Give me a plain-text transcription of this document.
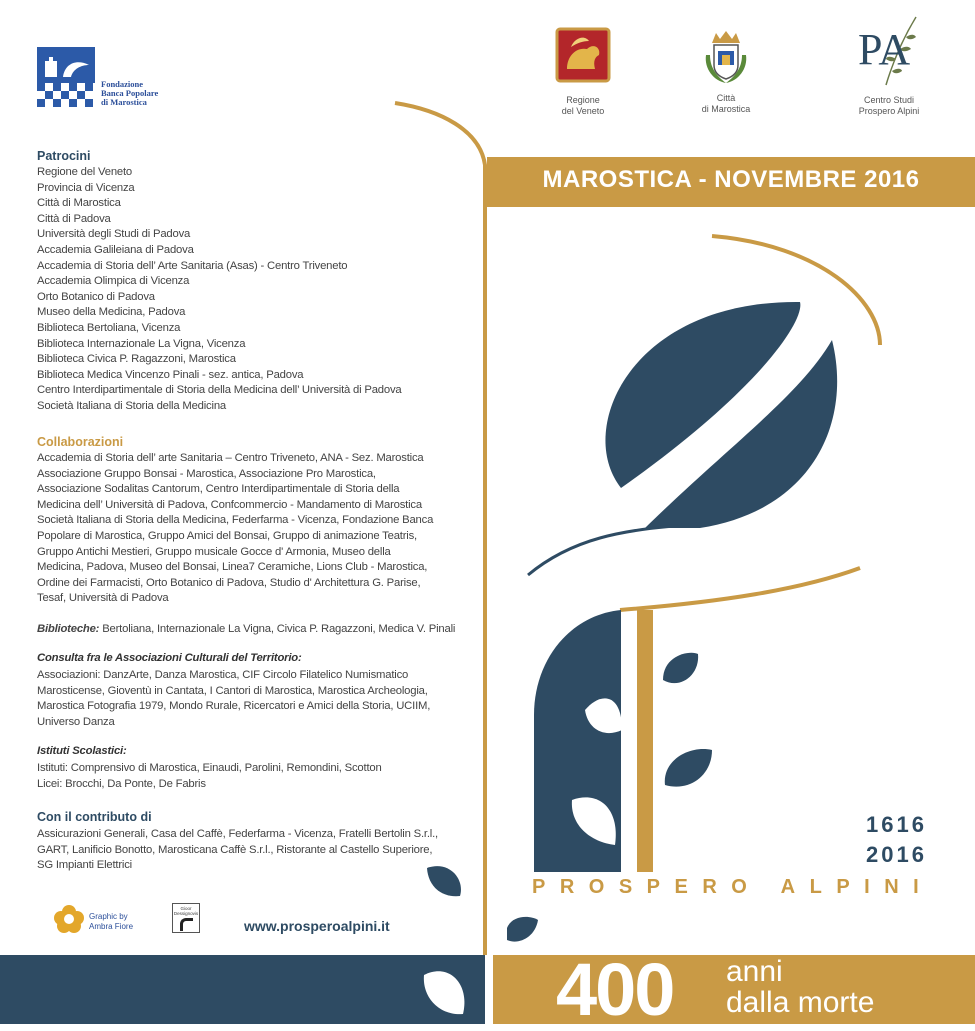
Fondazione
Banca Popolare
di Marostica
Patrocini
Regione del Veneto
Provincia di Vicenza
Città di Marostica
Città di Padova
Università degli Studi di Padova
Accademia Galileiana di Padova
Accademia di Storia dell’ Arte Sanitaria (Asas) - Centro Triveneto
Accademia Olimpica di Vicenza
Orto Botanico di Padova
Museo della Medicina, Padova
Biblioteca Bertoliana, Vicenza
Biblioteca Internazionale La Vigna, Vicenza
Biblioteca Civica P. Ragazzoni, Marostica
Biblioteca Medica Vincenzo Pinali - sez. antica, Padova
Centro Interdipartimentale di Storia della Medicina dell’ Università di Padova
Società Italiana di Storia della Medicina
Collaborazioni
Accademia di Storia dell’ arte Sanitaria – Centro Triveneto, ANA - Sez. Marostica
Associazione Gruppo Bonsai - Marostica, Associazione Pro Marostica,
Associazione Sodalitas Cantorum, Centro Interdipartimentale di Storia della
Medicina dell’ Università di Padova, Confcommercio - Mandamento di Marostica
Società Italiana di Storia della Medicina, Federfarma - Vicenza, Fondazione Banca
Popolare di Marostica, Gruppo Amici del Bonsai, Gruppo di animazione Teatris,
Gruppo Antichi Mestieri, Gruppo musicale Gocce d' Armonia, Museo della
Medicina, Padova, Museo del Bonsai, Linea7 Ceramiche, Lions Club - Marostica,
Ordine dei Farmacisti, Orto Botanico di Padova, Studio d' Architettura G. Parise,
Tesaf, Università di Padova
Biblioteche: Bertoliana, Internazionale La Vigna, Civica P. Ragazzoni, Medica V. Pinali
Consulta fra le Associazioni Culturali del Territorio:
Associazioni: DanzArte, Danza Marostica, CIF Circolo Filatelico Numismatico
Marosticense, Gioventù in Cantata, I Cantori di Marostica, Marostica Archeologia,
Marostica Fotografia 1979, Mondo Rurale, Ricercatori e Amici della Storia, UCIIM,
Universo Danza
Istituti Scolastici:
Istituti: Comprensivo di Marostica, Einaudi, Parolini, Remondini, Scotton
Licei: Brocchi, Da Ponte, De Fabris
Con il contributo di
Assicurazioni Generali, Casa del Caffè, Federfarma - Vicenza, Fratelli Bertolin S.r.l.,
GART, Lanificio Bonotto, Marosticana Caffè S.r.l., Ristorante al Castello Superiore,
SG Impianti Elettrici
Graphic by
Ambra Fiore
Gioor
Dessignovis
www.prosperoalpini.it
Regione
del Veneto
Città
di Marostica
PA
Centro Studi
Prospero Alpini
MAROSTICA - NOVEMBRE 2016
1616
2016
PROSPERO ALPINI
400 anni
dalla morte
